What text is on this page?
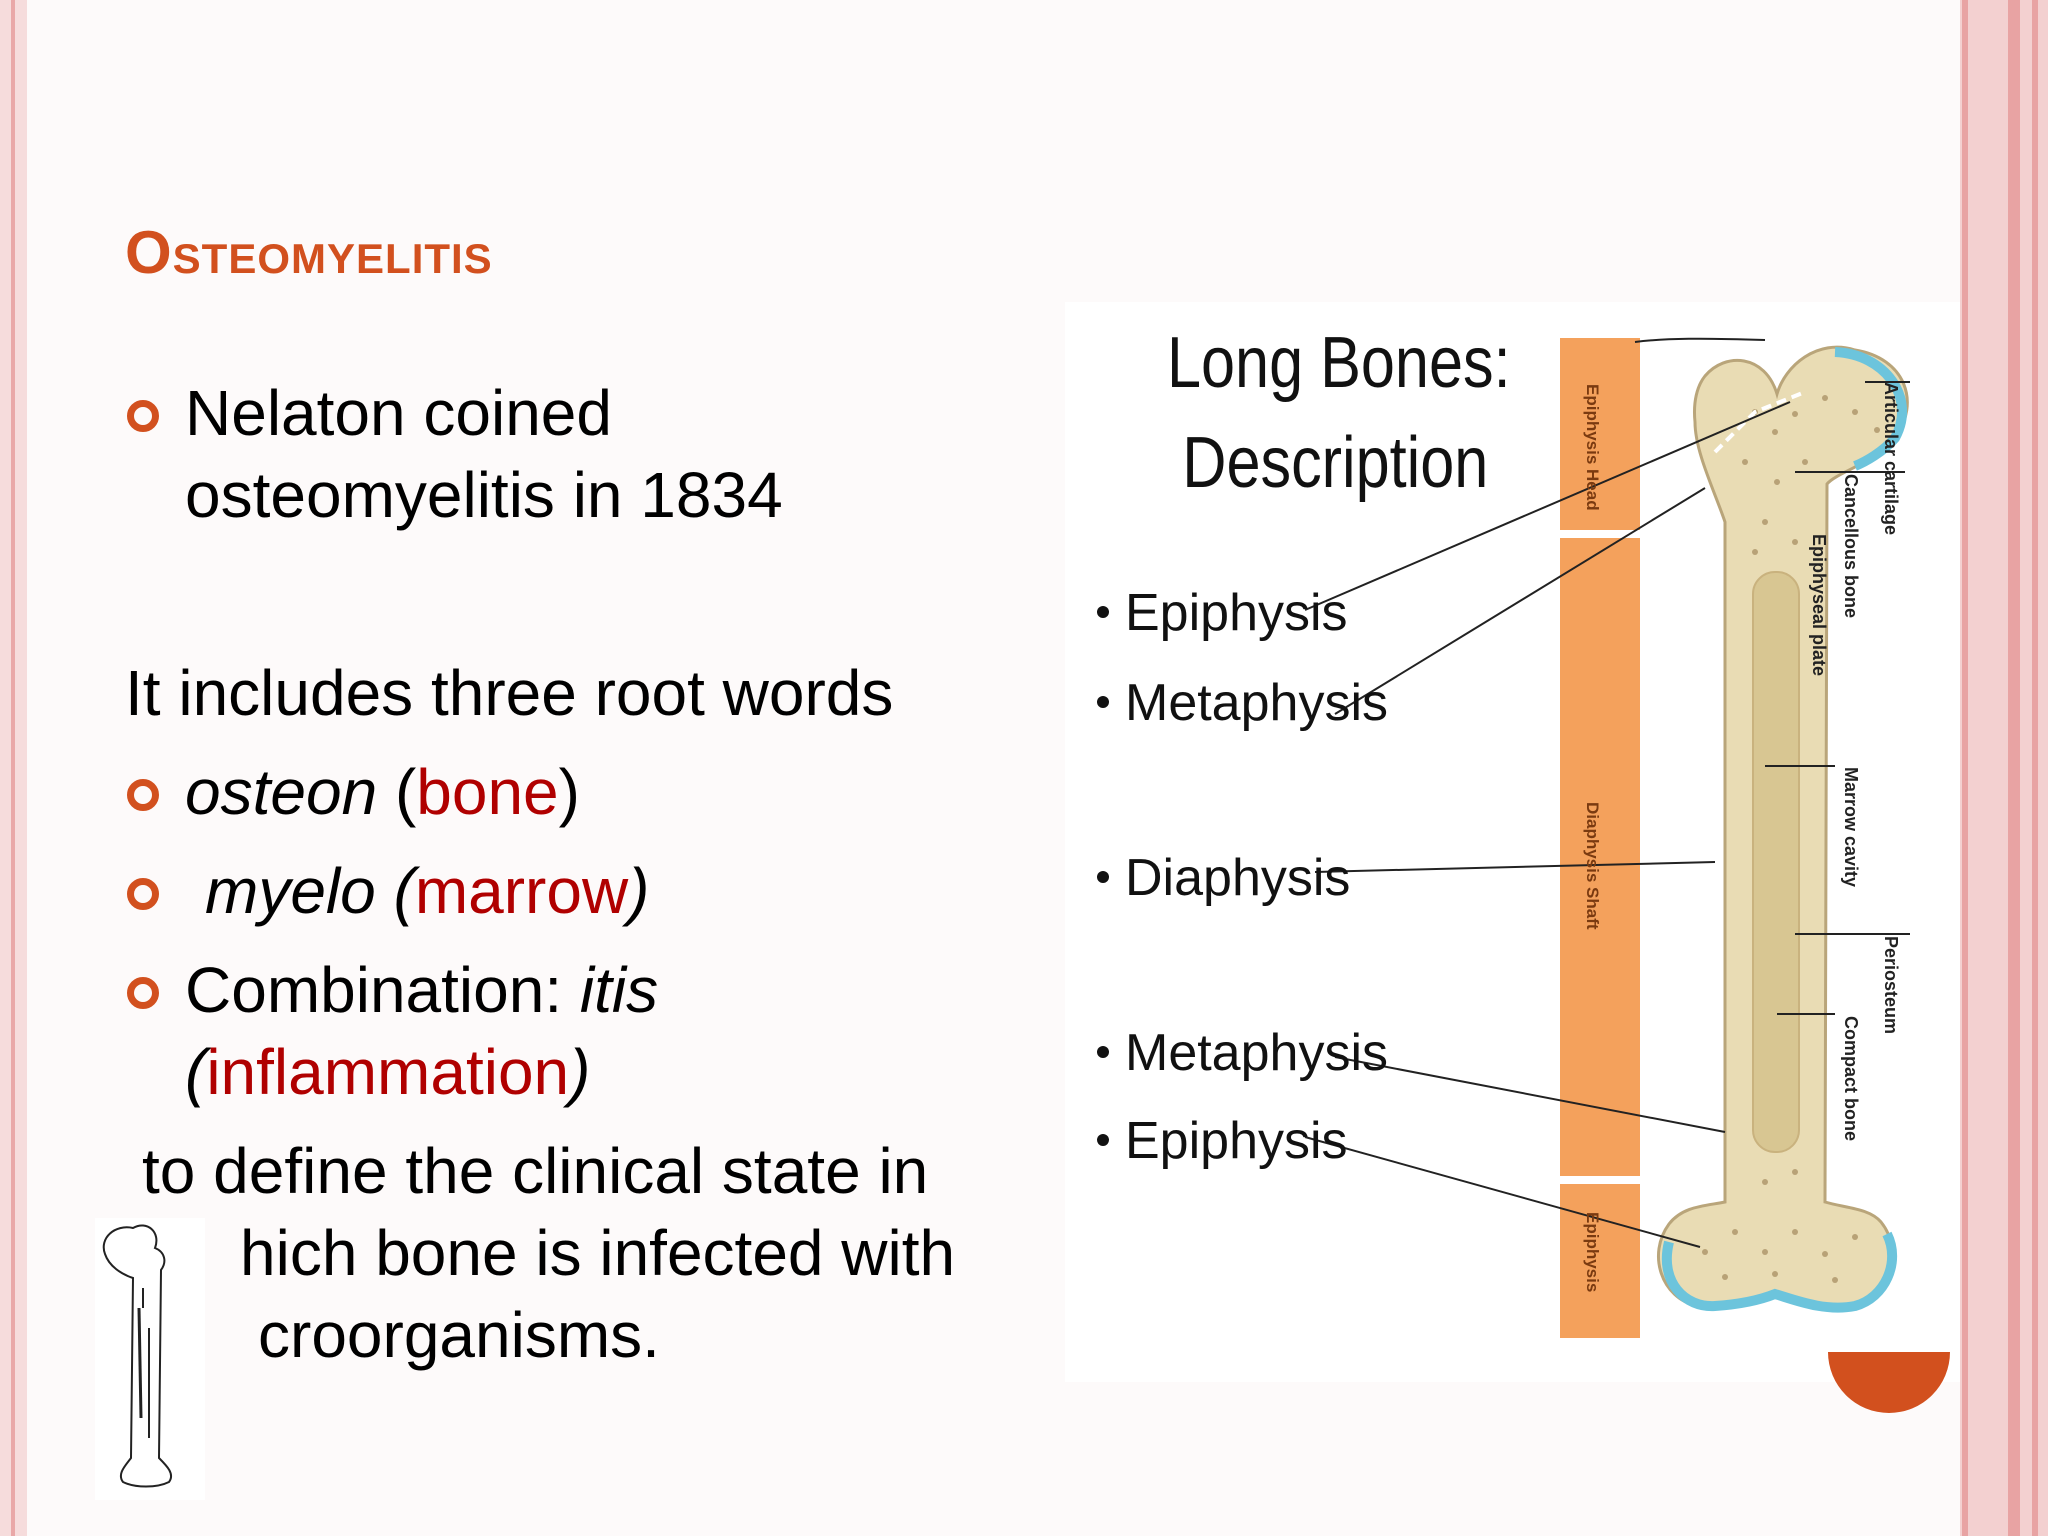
Osteomyelitis

Nelaton coined
osteomyelitis in 1834

It includes three root words

osteon (bone)

myelo (marrow)

Combination: itis
(inflammation)

to define the clinical state in

hich bone is infected with

croorganisms.

Long Bones:
Description
Epiphysis
Metaphysis
Diaphysis
Metaphysis
Epiphysis
Epiphysis Head
Diaphysis Shaft
Epiphysis
Articular cartilage
Cancellous bone
Epiphyseal plate
Marrow cavity
Periosteum
Compact bone
